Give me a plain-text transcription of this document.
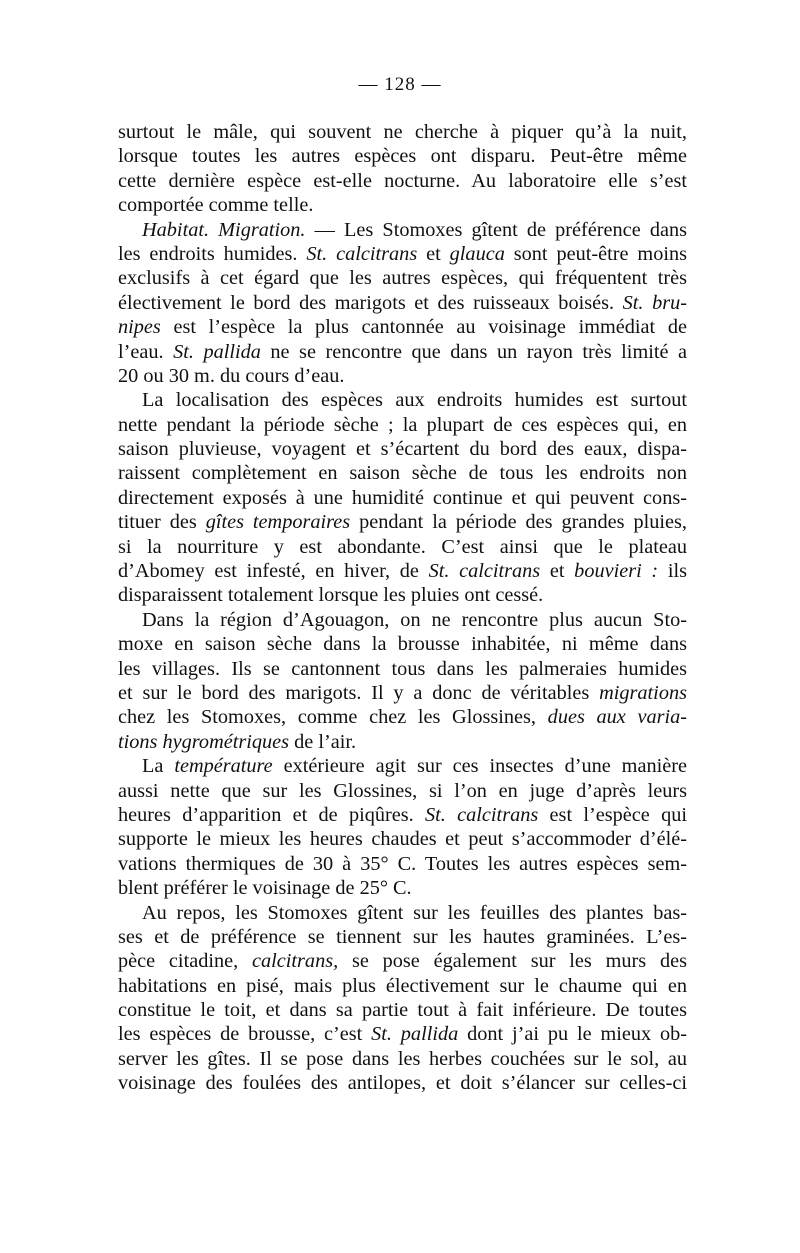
— 128 —
surtout le mâle, qui souvent ne cherche à piquer qu’à la nuit,
lorsque toutes les autres espèces ont disparu. Peut-être même
cette dernière espèce est-elle nocturne. Au laboratoire elle s’est
comportée comme telle.
Habitat. Migration. — Les Stomoxes gîtent de préférence dans
les endroits humides. St. calcitrans et glauca sont peut-être moins
exclusifs à cet égard que les autres espèces, qui fréquentent très
électivement le bord des marigots et des ruisseaux boisés. St. bru-
nipes est l’espèce la plus cantonnée au voisinage immédiat de
l’eau. St. pallida ne se rencontre que dans un rayon très limité a
20 ou 30 m. du cours d’eau.
La localisation des espèces aux endroits humides est surtout
nette pendant la période sèche ; la plupart de ces espèces qui, en
saison pluvieuse, voyagent et s’écartent du bord des eaux, dispa-
raissent complètement en saison sèche de tous les endroits non
directement exposés à une humidité continue et qui peuvent cons-
tituer des gîtes temporaires pendant la période des grandes pluies,
si la nourriture y est abondante. C’est ainsi que le plateau
d’Abomey est infesté, en hiver, de St. calcitrans et bouvieri : ils
disparaissent totalement lorsque les pluies ont cessé.
Dans la région d’Agouagon, on ne rencontre plus aucun Sto-
moxe en saison sèche dans la brousse inhabitée, ni même dans
les villages. Ils se cantonnent tous dans les palmeraies humides
et sur le bord des marigots. Il y a donc de véritables migrations
chez les Stomoxes, comme chez les Glossines, dues aux varia-
tions hygrométriques de l’air.
La température extérieure agit sur ces insectes d’une manière
aussi nette que sur les Glossines, si l’on en juge d’après leurs
heures d’apparition et de piqûres. St. calcitrans est l’espèce qui
supporte le mieux les heures chaudes et peut s’accommoder d’élé-
vations thermiques de 30 à 35° C. Toutes les autres espèces sem-
blent préférer le voisinage de 25° C.
Au repos, les Stomoxes gîtent sur les feuilles des plantes bas-
ses et de préférence se tiennent sur les hautes graminées. L’es-
pèce citadine, calcitrans, se pose également sur les murs des
habitations en pisé, mais plus électivement sur le chaume qui en
constitue le toit, et dans sa partie tout à fait inférieure. De toutes
les espèces de brousse, c’est St. pallida dont j’ai pu le mieux ob-
server les gîtes. Il se pose dans les herbes couchées sur le sol, au
voisinage des foulées des antilopes, et doit s’élancer sur celles-ci
